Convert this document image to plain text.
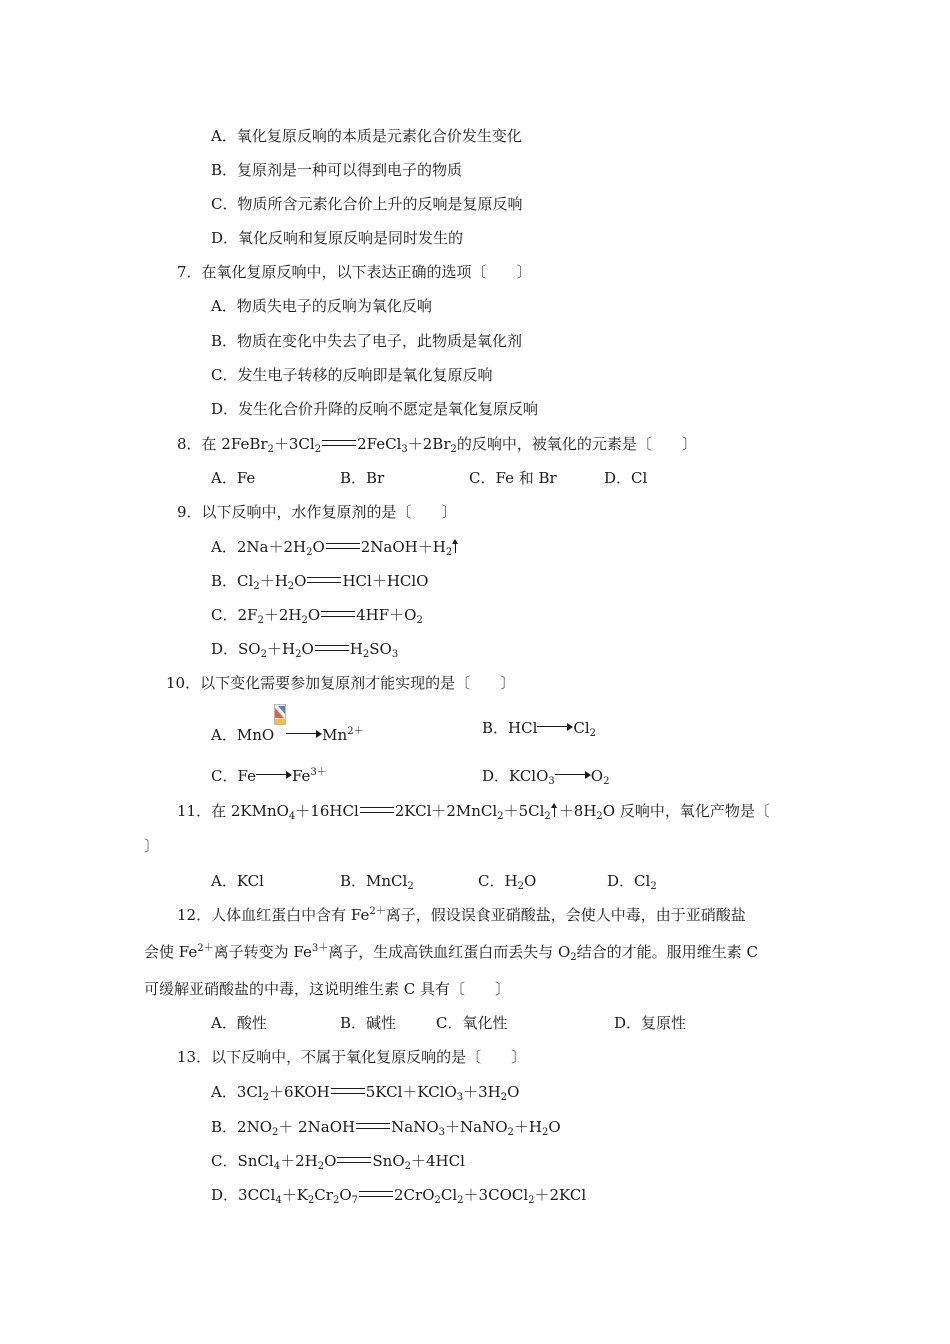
A．氧化复原反响的本质是元素化合价发生变化
B．复原剂是一种可以得到电子的物质
C．物质所含元素化合价上升的反响是复原反响
D．氧化反响和复原反响是同时发生的
7．在氧化复原反响中，以下表达正确的选项〔　　〕
A．物质失电子的反响为氧化反响
B．物质在变化中失去了电子，此物质是氧化剂
C．发生电子转移的反响即是氧化复原反响
D．发生化合价升降的反响不愿定是氧化复原反响
8．在 $2FeBr_2+3Cl_2$ $2FeCl_3+2Br_2$的反响中，被氧化的元素是〔　　〕
A．Fe	B．Br	C．Fe 和 Br	D．Cl
9．以下反响中，水作复原剂的是〔　　〕
A．$2Na+2H_2O$ $2NaOH+H_2$
B．$Cl_2+H_2O$ HCl＋HClO
C．$2F_2+2H_2O$ $4HF+O_2$
D．$SO_2+H_2O$ $H_2SO_3$
10．以下变化需要参加复原剂才能实现的是〔　　〕
A．MnO	$Mn^{2+}$	B．HCl $Cl_2$
C．Fe $Fe^{3+}$	D．KClO$_3$ $O_2$
11．在 2KMnO$_4$＋16HCl $2KCl+2MnCl_2+5Cl_2 +8H_2O$ 反响中，氧化产物是〔
〕
A．KCl	B．MnCl$_2$	C．$H_2O$	D．$Cl_2$
12．人体血红蛋白中含有 $Fe^{2+}$离子，假设误食亚硝酸盐，会使人中毒，由于亚硝酸盐
会使 $Fe^{2+}$离子转变为 $Fe^{3+}$离子，生成高铁血红蛋白而丢失与 $O_2$结合的才能。服用维生素 C
可缓解亚硝酸盐的中毒，这说明维生素 C 具有〔　　〕
A．酸性	B．碱性	C．氧化性	D．复原性
13．以下反响中，不属于氧化复原反响的是〔　　〕
A．$3Cl_2+6KOH$ $5KCl+KClO_3+3H_2O$
B．$2NO_2+$ 2NaOH $NaNO_3+NaNO_2+H_2O$
C．$SnCl_4+2H_2O$ SnO$_2$＋4HCl
D．$3CCl_4+K_2Cr_2O_7$ $2CrO_2Cl_2+3COCl_2+2KCl$
